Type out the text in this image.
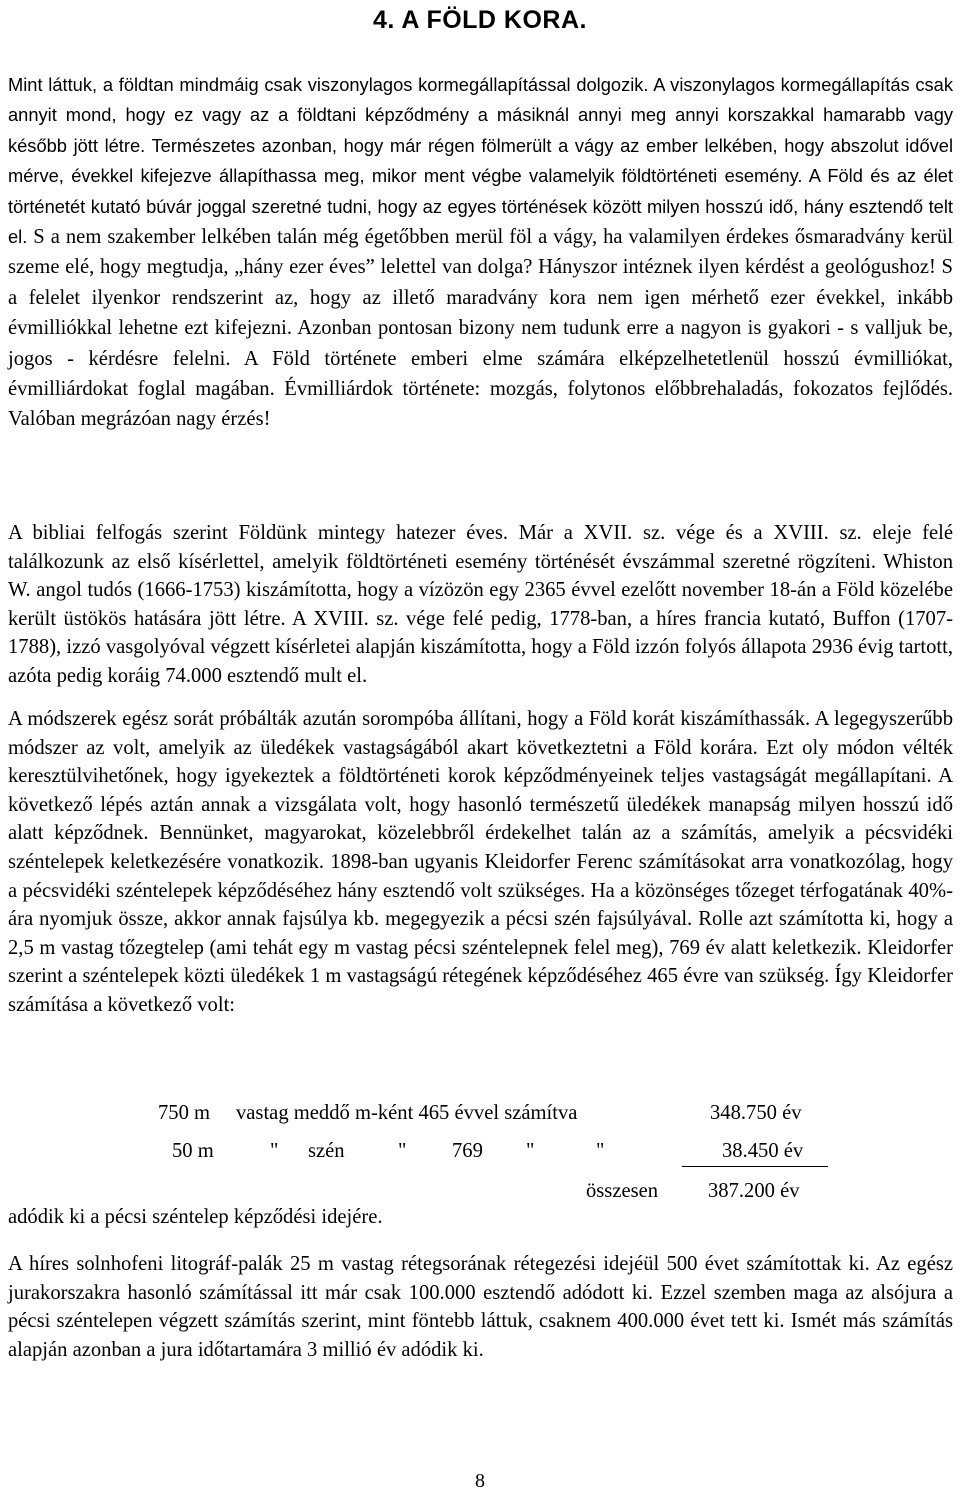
4. A FÖLD KORA.

Mint láttuk, a földtan mindmáig csak viszonylagos kormegállapítással dolgozik. A viszonylagos kormegállapítás csak annyit mond, hogy ez vagy az a földtani képződmény a másiknál annyi meg annyi korszakkal hamarabb vagy később jött létre. Természetes azonban, hogy már régen fölmerült a vágy az ember lelkében, hogy abszolut idővel mérve, évekkel kifejezve állapíthassa meg, mikor ment végbe valamelyik földtörténeti esemény. A Föld és az élet történetét kutató búvár joggal szeretné tudni, hogy az egyes történések között milyen hosszú idő, hány esztendő telt el. S a nem szakember lelkében talán még égetőbben merül föl a vágy, ha valamilyen érdekes ősmaradvány kerül szeme elé, hogy megtudja, „hány ezer éves” lelettel van dolga? Hányszor intéznek ilyen kérdést a geológushoz! S a felelet ilyenkor rendszerint az, hogy az illető maradvány kora nem igen mérhető ezer évekkel, inkább évmilliókkal lehetne ezt kifejezni. Azonban pontosan bizony nem tudunk erre a nagyon is gyakori - s valljuk be, jogos - kérdésre felelni. A Föld története emberi elme számára elképzelhetetlenül hosszú évmilliókat, évmilliárdokat foglal magában. Évmilliárdok története: mozgás, folytonos előbbrehaladás, fokozatos fejlődés. Valóban megrázóan nagy érzés!

A bibliai felfogás szerint Földünk mintegy hatezer éves. Már a XVII. sz. vége és a XVIII. sz. eleje felé találkozunk az első kísérlettel, amelyik földtörténeti esemény történését évszámmal szeretné rögzíteni. Whiston W. angol tudós (1666-1753) kiszámította, hogy a vízözön egy 2365 évvel ezelőtt november 18-án a Föld közelébe került üstökös hatására jött létre. A XVIII. sz. vége felé pedig, 1778-ban, a híres francia kutató, Buffon (1707-1788), izzó vasgolyóval végzett kísérletei alapján kiszámította, hogy a Föld izzón folyós állapota 2936 évig tartott, azóta pedig koráig 74.000 esztendő mult el.

A módszerek egész sorát próbálták azután sorompóba állítani, hogy a Föld korát kiszámíthassák. A legegyszerűbb módszer az volt, amelyik az üledékek vastagságából akart következtetni a Föld korára. Ezt oly módon vélték keresztülvihetőnek, hogy igyekeztek a földtörténeti korok képződményeinek teljes vastagságát megállapítani. A következő lépés aztán annak a vizsgálata volt, hogy hasonló természetű üledékek manapság milyen hosszú idő alatt képződnek. Bennünket, magyarokat, közelebbről érdekelhet talán az a számítás, amelyik a pécsvidéki széntelepek keletkezésére vonatkozik. 1898-ban ugyanis Kleidorfer Ferenc számításokat arra vonatkozólag, hogy a pécsvidéki széntelepek képződéséhez hány esztendő volt szükséges. Ha a közönséges tőzeget térfogatának 40%-ára nyomjuk össze, akkor annak fajsúlya kb. megegyezik a pécsi szén fajsúlyával. Rolle azt számította ki, hogy a 2,5 m vastag tőzegtelep (ami tehát egy m vastag pécsi széntelepnek felel meg), 769 év alatt keletkezik. Kleidorfer szerint a széntelepek közti üledékek 1 m vastagságú rétegének képződéséhez 465 évre van szükség. Így Kleidorfer számítása a következő volt:

750 m vastag meddő m-ként 465 évvel számítva	348.750 év
50 m	" szén	" 769 "	"	38.450 év
összesen 387.200 év

adódik ki a pécsi széntelep képződési idejére.

A híres solnhofeni litográf-palák 25 m vastag rétegsorának rétegezési idejéül 500 évet számítottak ki. Az egész jurakorszakra hasonló számítással itt már csak 100.000 esztendő adódott ki. Ezzel szemben maga az alsójura a pécsi széntelepen végzett számítás szerint, mint föntebb láttuk, csaknem 400.000 évet tett ki. Ismét más számítás alapján azonban a jura időtartamára 3 millió év adódik ki.

8
